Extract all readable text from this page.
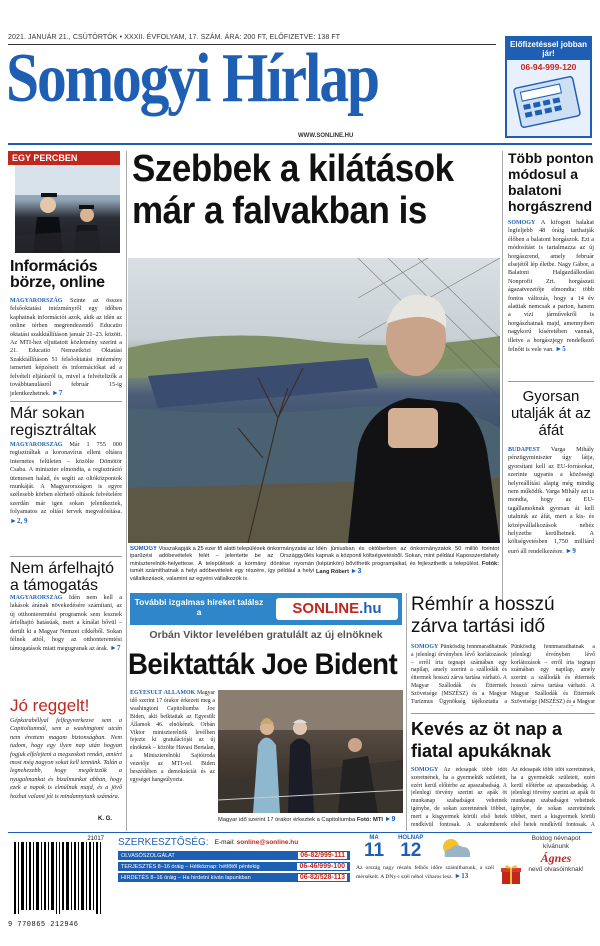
2021. JANUÁR 21., CSÜTÖRTÖK • XXXII. ÉVFOLYAM, 17. SZÁM. ÁRA: 200 FT, ELŐFIZETVE: 138 FT
Somogyi Hírlap
WWW.SONLINE.HU
Előfizetéssel jobban jár!
06-94-999-120
EGY PERCBEN
Információs börze, online

MAGYARORSZÁG Szinte az összes felsőoktatási intézményről egy időben kaphatnak információt azok, akik az idén az online térben megrendezendő Educatio oktatási szakkiállításon január 21–23. között. Az MTI-hez eljuttatott közlemény szerint a 21. Educatio Nemzetközi Oktatási Szakkiállításon 51 felsőoktatási intézmény ismerteti képzéseit és információkat ad a felvételi eljárásról is, mivel a felvételizők a továbbtanulásról február 15-ig jelentkezhetnek. ►7

Már sokan regisztráltak

MAGYARORSZÁG Már 1 755 000 regisztráltak a koronavírus elleni oltásra internetes felületen – közölte Dömötör Csaba. A miniszter elmondta, a regisztráció ütemesen halad, és segíti az oltóközpontok munkáját. A Magyarországon is egyre szélesebb körben elérhető oltások felvételére szerdán már igen sokan jelentkeztek, folyamatos az oltási tervek megvalósítása. ►2, 9

Nem árfelhajtó a támogatás

MAGYARORSZÁG Idén nem kell a lakások árának növekedésére számítani, az új otthonteremtési programok sem lesznek árfelhajtó hatásúak, mert a kínálat bővül – derült ki a Magyar Nemzet cikkéből. Sokan félnek attól, hogy az otthonteremtési támogatások miatt megugranak az árak. ►7

Jó reggelt!

Gépkarabéllyal felfegyverkezve sem a Capitoliumnál, sem a washingtoni utcán nem éreztem magam biztonságban. Nem tudom, hogy egy ilyen nap után hogyan fogjuk elfelejteni a megszokott rendet, amiért most még nagyon sokat kell tennünk. Talán a legnehezebb, hogy megőrizzük a nyugalmunkat és bizalmunkat abban, hogy ezek a napok is elmúlnak majd, és a jövő hozhat valami jót is mindannyiunk számára.

K. G.
Szebbek a kilátások már a falvakban is

SOMOGY Visszakapják a 25 ezer fő alatti települések önkormányzatai az iparűzési adóbevételek felét – jelentette be az Országgyűlés miniszterelnök-helyettese. A települések a kormány döntése nyomán ismét számíthatnak a helyi adóbevételek egy részére, így például a helyi vállalkozások, valamint az egyéni vállalkozók is.

Idén júniusban és októberben az önkormányzatok 50 millió forintot kapnak a központi költségvetésből. Sokan, mint például Kaposszerdahely (képünkön) bővíthetik programjaikat, és fejleszthetik a települést. Fotók: Lang Róbert ►3

Több ponton módosul a balatoni horgászrend

SOMOGY A kifogott halakat legfeljebb 48 óráig tarthatják élőben a balatoni horgászok. Ezt a módosítást is tartalmazza az új horgászrend, amely február elsejétől lép életbe. Nagy Gábor, a Balatoni Halgazdálkodási Nonprofit Zrt. horgászati ágazatvezetője elmondta: több fontos változás, hogy a 14 év alattiak nemcsak a parton, hanem a vízi járművekről is horgászhatnak majd, amennyiben nagykorú kíséretében vannak, illetve a horgászjegy rendelkező felnőtt is vele van. ►5

Gyorsan utalják át az áfát

BUDAPEST Varga Mihály pénzügyminiszter úgy látja, gyorsítani kell az EU-forrásokat, szerinte ugyanis a közösségi helyreállítási alapig még mindig nem működik. Varga Mihály azt is mondta, hogy az EU-tagállamoknak gyorsan át kell utalniuk az áfát, mert a kis- és középvállalkozások nehéz helyzetbe kerülhetnek. A költségvetésben 1,750 milliárd euró áll rendelkezésre. ►9

További izgalmas híreket találsz a	SONLINE.hu
Orbán Viktor levelében gratulált az új elnöknek
Beiktatták Joe Bident

EGYESÜLT ÁLLAMOK Magyar idő szerint 17 órakor érkezett meg a washingtoni Capitoliumba Joe Biden, akit beiktattak az Egyesült Államok 46. elnökének. Orbán Viktor miniszterelnök levélben fejezte ki gratulációját az új elnöknek – közölte Havasi Bertalan, a Miniszterelnöki Sajtóiroda vezetője az MTI-vel. Biden beszédében a demokráciát és az egységet hangsúlyozta.

Magyar idő szerint 17 órakor érkeztek a Capitoliumba Fotó: MTI ►9
Rémhír a hosszú zárva tartási idő

SOMOGY Pünkösdig fennmaradhatnak a jelenlegi érvényben lévő korlátozások – erről írta tegnapi számában egy napilap, amely szerint a szállodák és éttermek hosszú zárva tartása várható. A Magyar Szállodák és Éttermek Szövetsége (MSZÉSZ) és a Magyar Turizmus Ügynökség tájékoztatta a

Pünkösdig fennmaradhatnak a jelenlegi érvényben lévő korlátozások – erről írta tegnapi számában egy napilap, amely szerint a szállodák és éttermek hosszú zárva tartása várható. A Magyar Szállodák és Éttermek Szövetsége (MSZÉSZ) és a Magyar

Kevés az öt nap a fiatal apukáknak

SOMOGY Az édesapák több időt szeretnének, ha a gyermekük született, ezért kerül előtérbe az apaszabadság. A jelenlegi törvény szerint az apák öt munkanap szabadságot vehetnek igénybe, de sokan szeretnének többet, mert a kisgyermek körüli első hetek rendkívül fontosak. A szakemberek

Az édesapák több időt szeretnének, ha a gyermekük született, ezért kerül előtérbe az apaszabadság. A jelenlegi törvény szerint az apák öt munkanap szabadságot vehetnek igénybe, de sokan szeretnének többet, mert a kisgyermek körüli első hetek rendkívül fontosak. A

21017
9 770865 212946
SZERKESZTŐSÉG: E-mail: sonline@sonline.hu
OLVASÓSZOLGÁLAT	06-82/999-111
TERJESZTÉS 8–16 óráig – Hétköznap: hétfőtől péntekig	06-46/999-100
HIRDETÉS 8–16 óráig – Ha hirdetni kíván lapunkban	06-82/528-113
MA
11
HOLNAP
12

Az ország nagy részén felhős időre számíthatunk, a szél mérsékelt. A DNy-i szél néhol viharos lesz. ►13

Boldog névnapot kívánunk
Ágnes
nevű olvasóinknak!
